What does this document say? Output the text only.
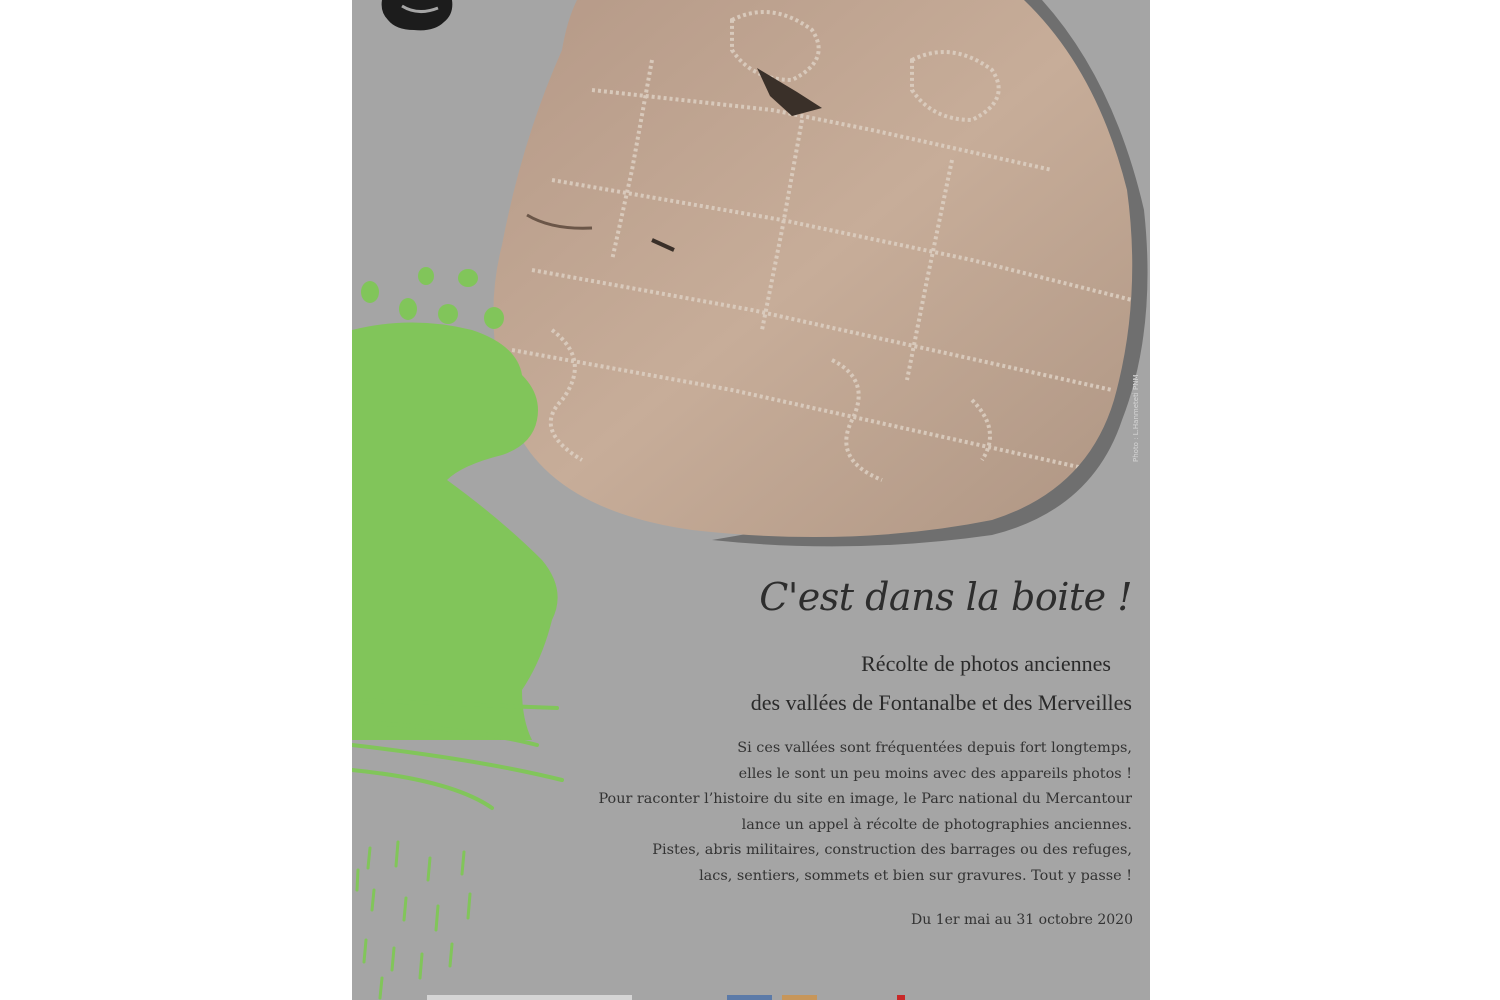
Photo : L.Hanmeteti PNM
C'est dans la boite !

Récolte de photos anciennes

des vallées de Fontanalbe et des Merveilles

Si ces vallées sont fréquentées depuis fort longtemps,
elles le sont un peu moins avec des appareils photos !
Pour raconter l’histoire du site en image, le Parc national du Mercantour
lance un appel à récolte de photographies anciennes.
Pistes, abris militaires, construction des barrages ou des refuges,
lacs, sentiers, sommets et bien sur gravures. Tout y passe !

Du 1er mai au 31 octobre 2020
